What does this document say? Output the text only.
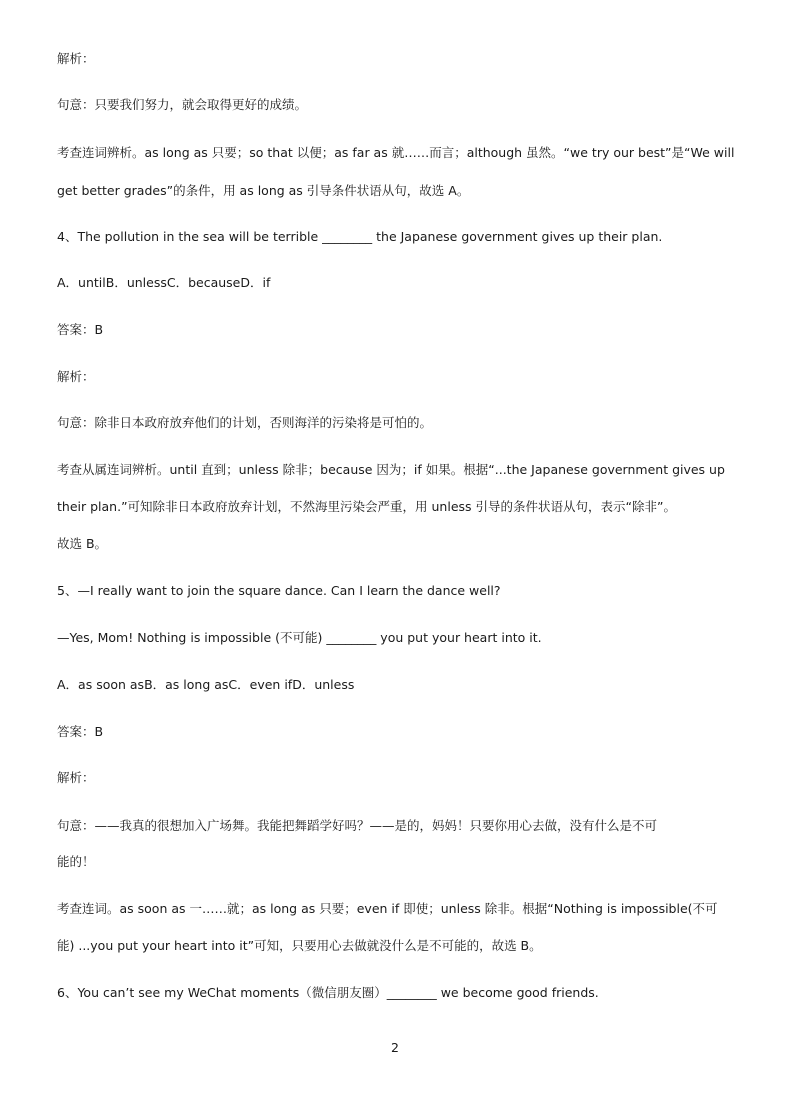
解析：
句意：只要我们努力，就会取得更好的成绩。
考查连词辨析。as long as 只要；so that 以便；as far as 就……而言；although 虽然。“we try our best”是“We will
get better grades”的条件，用 as long as 引导条件状语从句，故选 A。
4、The pollution in the sea will be terrible ________ the Japanese government gives up their plan.
A．untilB．unlessC．becauseD．if
答案：B
解析：
句意：除非日本政府放弃他们的计划，否则海洋的污染将是可怕的。
考查从属连词辨析。until 直到；unless 除非；because 因为；if 如果。根据“...the Japanese government gives up
their plan.”可知除非日本政府放弃计划，不然海里污染会严重，用 unless 引导的条件状语从句，表示“除非”。
故选 B。
5、—I really want to join the square dance. Can I learn the dance well?
—Yes, Mom! Nothing is impossible (不可能) ________ you put your heart into it.
A．as soon asB．as long asC．even ifD．unless
答案：B
解析：
句意：——我真的很想加入广场舞。我能把舞蹈学好吗？——是的，妈妈！只要你用心去做，没有什么是不可
能的！
考查连词。as soon as 一……就；as long as 只要；even if 即使；unless 除非。根据“Nothing is impossible(不可
能) ...you put your heart into it”可知，只要用心去做就没什么是不可能的，故选 B。
6、You can’t see my WeChat moments（微信朋友圈）________ we become good friends.
2
